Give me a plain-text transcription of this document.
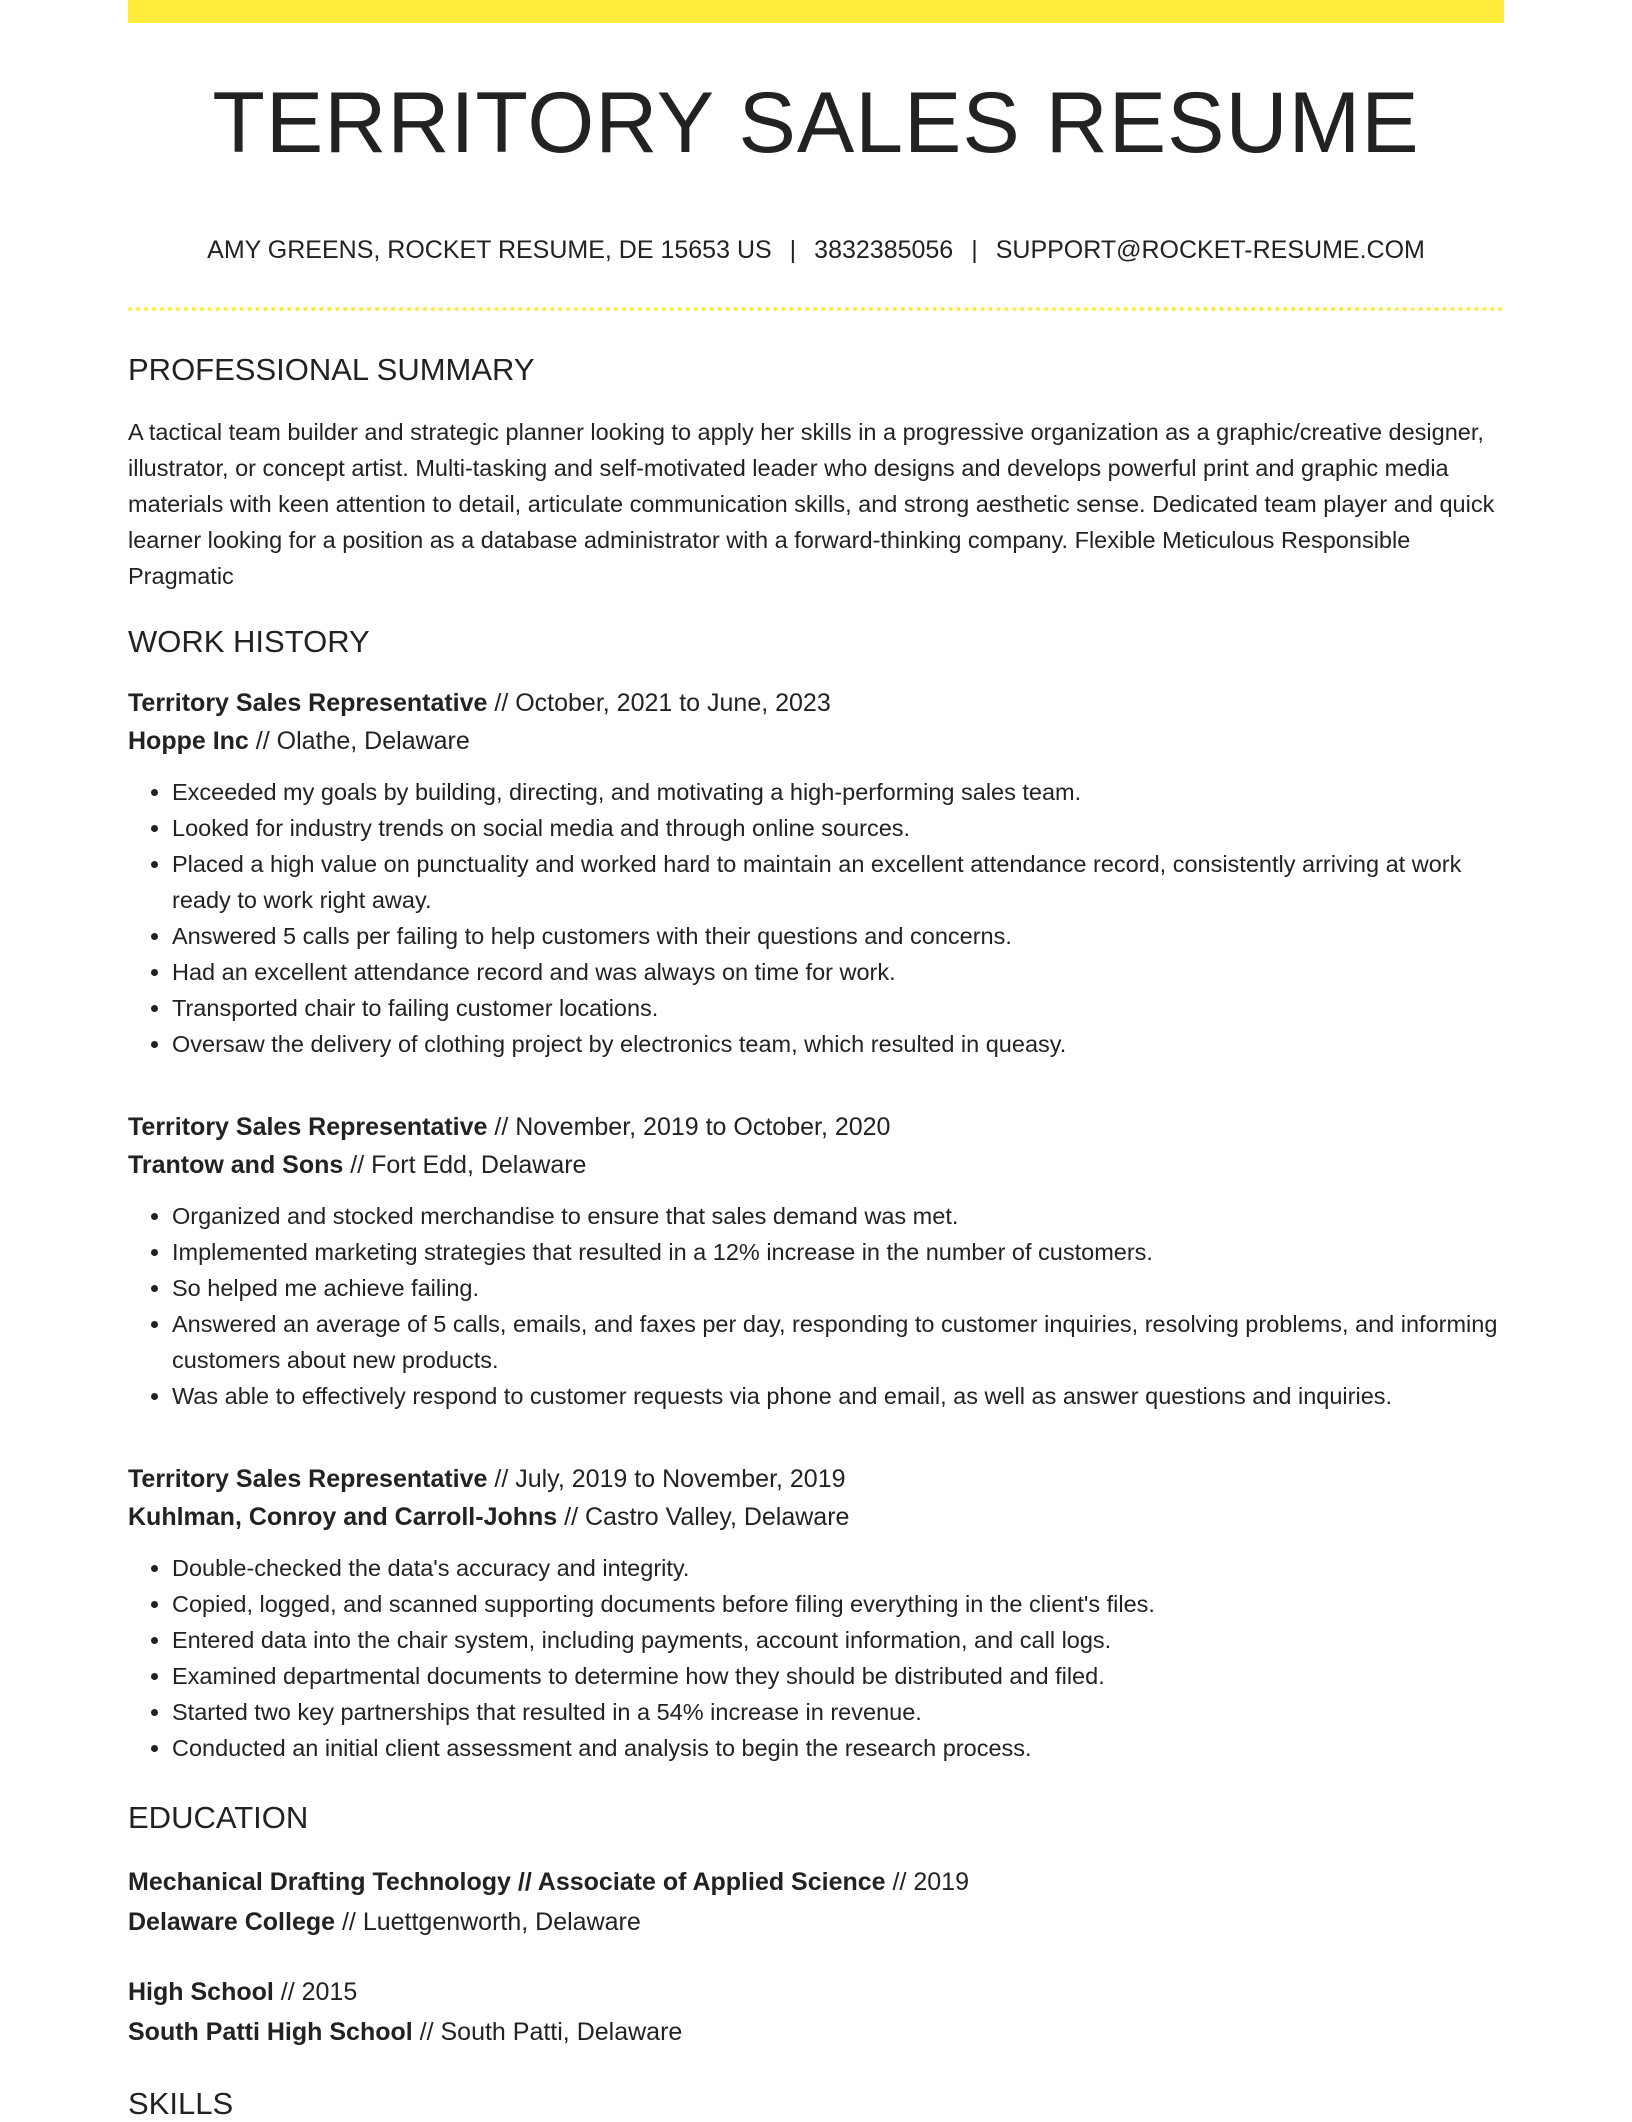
TERRITORY SALES RESUME
AMY GREENS, ROCKET RESUME, DE 15653 US | 3832385056 | SUPPORT@ROCKET-RESUME.COM
PROFESSIONAL SUMMARY

A tactical team builder and strategic planner looking to apply her skills in a progressive organization as a graphic/creative designer, illustrator, or concept artist. Multi-tasking and self-motivated leader who designs and develops powerful print and graphic media materials with keen attention to detail, articulate communication skills, and strong aesthetic sense. Dedicated team player and quick learner looking for a position as a database administrator with a forward-thinking company. Flexible Meticulous Responsible Pragmatic

WORK HISTORY
Territory Sales Representative // October, 2021 to June, 2023
Hoppe Inc // Olathe, Delaware
• Exceeded my goals by building, directing, and motivating a high-performing sales team.
• Looked for industry trends on social media and through online sources.
• Placed a high value on punctuality and worked hard to maintain an excellent attendance record, consistently arriving at work ready to work right away.
• Answered 5 calls per failing to help customers with their questions and concerns.
• Had an excellent attendance record and was always on time for work.
• Transported chair to failing customer locations.
• Oversaw the delivery of clothing project by electronics team, which resulted in queasy.
Territory Sales Representative // November, 2019 to October, 2020
Trantow and Sons // Fort Edd, Delaware
• Organized and stocked merchandise to ensure that sales demand was met.
• Implemented marketing strategies that resulted in a 12% increase in the number of customers.
• So helped me achieve failing.
• Answered an average of 5 calls, emails, and faxes per day, responding to customer inquiries, resolving problems, and informing customers about new products.
• Was able to effectively respond to customer requests via phone and email, as well as answer questions and inquiries.
Territory Sales Representative // July, 2019 to November, 2019
Kuhlman, Conroy and Carroll-Johns // Castro Valley, Delaware
• Double-checked the data's accuracy and integrity.
• Copied, logged, and scanned supporting documents before filing everything in the client's files.
• Entered data into the chair system, including payments, account information, and call logs.
• Examined departmental documents to determine how they should be distributed and filed.
• Started two key partnerships that resulted in a 54% increase in revenue.
• Conducted an initial client assessment and analysis to begin the research process.
EDUCATION
Mechanical Drafting Technology // Associate of Applied Science // 2019
Delaware College // Luettgenworth, Delaware
High School // 2015
South Patti High School // South Patti, Delaware
SKILLS
